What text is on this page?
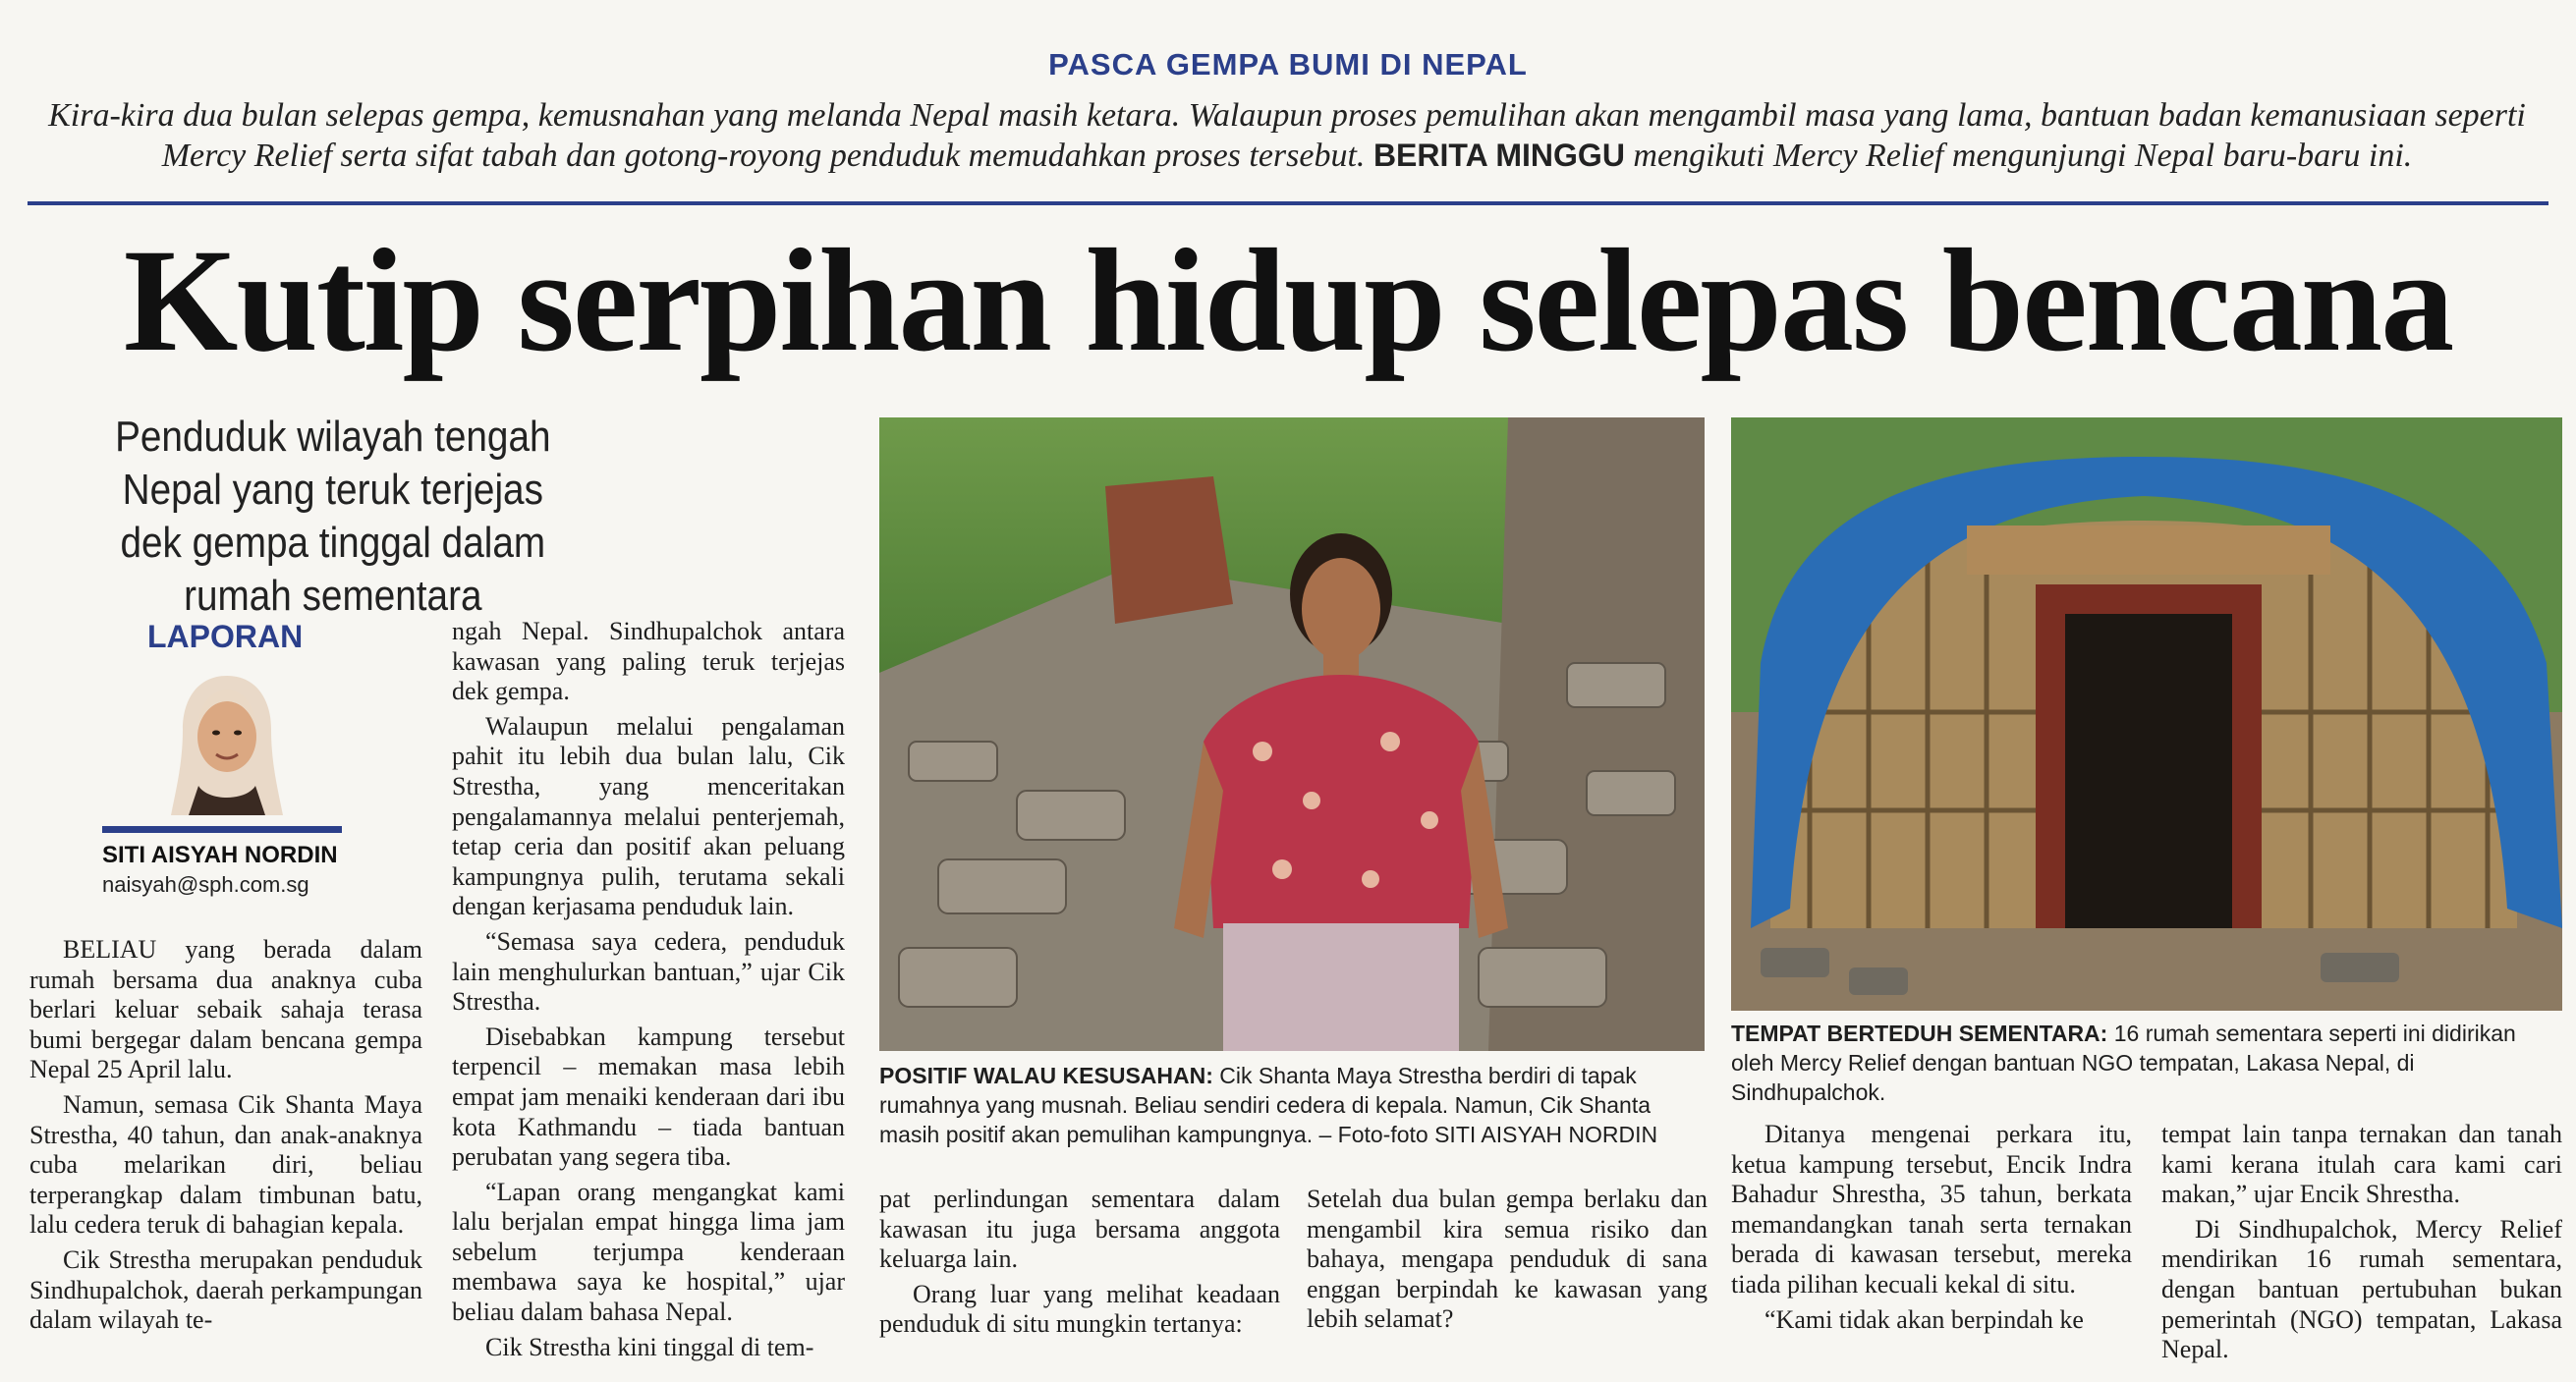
PASCA GEMPA BUMI DI NEPAL
Kira-kira dua bulan selepas gempa, kemusnahan yang melanda Nepal masih ketara. Walaupun proses pemulihan akan mengambil masa yang lama, bantuan badan kemanusiaan seperti Mercy Relief serta sifat tabah dan gotong-royong penduduk memudahkan proses tersebut. BERITA MINGGU mengikuti Mercy Relief mengunjungi Nepal baru-baru ini.
Kutip serpihan hidup selepas bencana
Penduduk wilayah tengah Nepal yang teruk terjejas dek gempa tinggal dalam rumah sementara
LAPORAN
SITI AISYAH NORDIN
naisyah@sph.com.sg

BELIAU yang berada dalam rumah bersama dua anaknya cuba berlari keluar sebaik sahaja terasa bumi bergegar dalam bencana gempa Nepal 25 April lalu.

Namun, semasa Cik Shanta Maya Strestha, 40 tahun, dan anak-anaknya cuba melarikan diri, beliau terperangkap dalam timbunan batu, lalu cedera teruk di bahagian kepala.

Cik Strestha merupakan penduduk Sindhupalchok, daerah perkampungan dalam wilayah te-

ngah Nepal. Sindhupalchok antara kawasan yang paling teruk terjejas dek gempa.

Walaupun melalui pengalaman pahit itu lebih dua bulan lalu, Cik Strestha, yang menceritakan pengalamannya melalui penterjemah, tetap ceria dan positif akan peluang kampungnya pulih, terutama sekali dengan kerjasama penduduk lain.

“Semasa saya cedera, penduduk lain menghulurkan bantuan,” ujar Cik Strestha.

Disebabkan kampung tersebut terpencil – memakan masa lebih empat jam menaiki kenderaan dari ibu kota Kathmandu – tiada bantuan perubatan yang segera tiba.

“Lapan orang mengangkat kami lalu berjalan empat hingga lima jam sebelum terjumpa kenderaan membawa saya ke hospital,” ujar beliau dalam bahasa Nepal.

Cik Strestha kini tinggal di tem-

POSITIF WALAU KESUSAHAN: Cik Shanta Maya Strestha berdiri di tapak rumahnya yang musnah. Beliau sendiri cedera di kepala. Namun, Cik Shanta masih positif akan pemulihan kampungnya. – Foto-foto SITI AISYAH NORDIN

pat perlindungan sementara dalam kawasan itu juga bersama anggota keluarga lain.

Orang luar yang melihat keadaan penduduk di situ mungkin tertanya:

Setelah dua bulan gempa berlaku dan mengambil kira semua risiko dan bahaya, mengapa penduduk di sana enggan berpindah ke kawasan yang lebih selamat?

TEMPAT BERTEDUH SEMENTARA: 16 rumah sementara seperti ini didirikan oleh Mercy Relief dengan bantuan NGO tempatan, Lakasa Nepal, di Sindhupalchok.

Ditanya mengenai perkara itu, ketua kampung tersebut, Encik Indra Bahadur Shrestha, 35 tahun, berkata memandangkan tanah serta ternakan berada di kawasan tersebut, mereka tiada pilihan kecuali kekal di situ.

“Kami tidak akan berpindah ke

tempat lain tanpa ternakan dan tanah kami kerana itulah cara kami cari makan,” ujar Encik Shrestha.

Di Sindhupalchok, Mercy Relief mendirikan 16 rumah sementara, dengan bantuan pertubuhan bukan pemerintah (NGO) tempatan, Lakasa Nepal.
